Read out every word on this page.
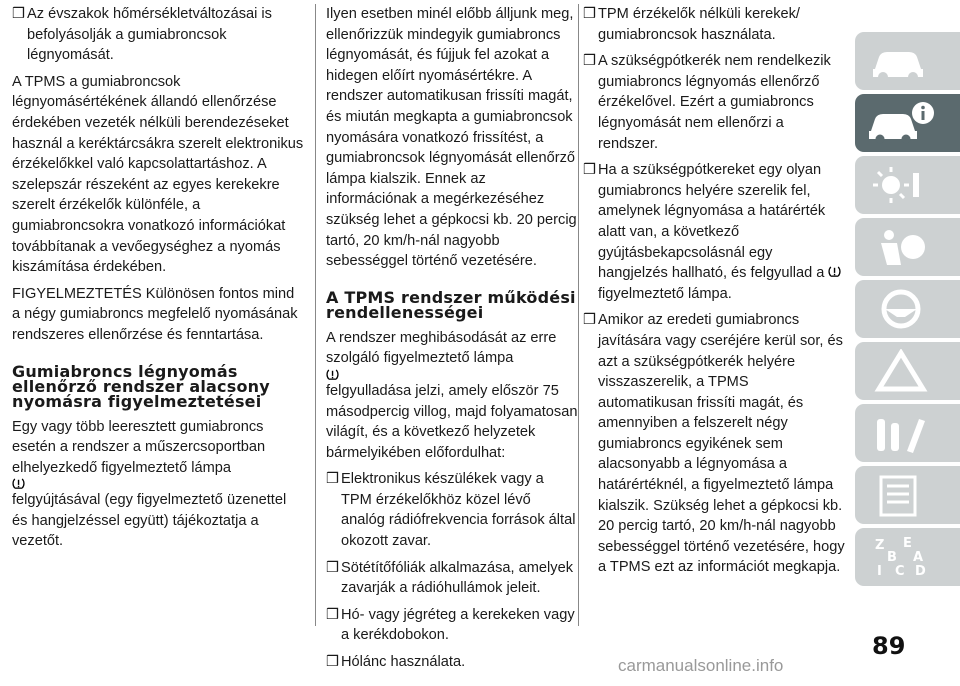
❒ Az évszakok hőmérsékletváltozásai is befolyásolják a gumiabroncsok légnyomását.

A TPMS a gumiabroncsok légnyomásértékének állandó ellenőrzése érdekében vezeték nélküli berendezéseket használ a keréktárcsákra szerelt elektronikus érzékelőkkel való kapcsolattartáshoz. A szelepszár részeként az egyes kerekekre szerelt érzékelők különféle, a gumiabroncsokra vonatkozó információkat továbbítanak a vevőegységhez a nyomás kiszámítása érdekében.

FIGYELMEZTETÉS Különösen fontos mind a négy gumiabroncs megfelelő nyomásának rendszeres ellenőrzése és fenntartása.

Gumiabroncs légnyomás ellenőrző rendszer alacsony nyomásra figyelmeztetései

Egy vagy több leeresztett gumiabroncs esetén a rendszer a műszercsoportban elhelyezkedő figyelmeztető lámpa
felgyújtásával (egy figyelmeztető üzenettel és hangjelzéssel együtt) tájékoztatja a vezetőt.

Ilyen esetben minél előbb álljunk meg, ellenőrizzük mindegyik gumiabroncs légnyomását, és fújjuk fel azokat a hidegen előírt nyomásértékre. A rendszer automatikusan frissíti magát, és miután megkapta a gumiabroncsok nyomására vonatkozó frissítést, a gumiabroncsok légnyomását ellenőrző lámpa kialszik. Ennek az információnak a megérkezéséhez szükség lehet a gépkocsi kb. 20 percig tartó, 20 km/h-nál nagyobb sebességgel történő vezetésére.

A TPMS rendszer működési rendellenességei

A rendszer meghibásodását az erre szolgáló figyelmeztető lámpa
felgyulladása jelzi, amely először 75 másodpercig villog, majd folyamatosan világít, és a következő helyzetek bármelyikében előfordulhat:

❒ Elektronikus készülékek vagy a TPM érzékelőkhöz közel lévő analóg rádiófrekvencia források által okozott zavar.
❒ Sötétítőfóliák alkalmazása, amelyek zavarják a rádióhullámok jeleit.
❒ Hó- vagy jégréteg a kerekeken vagy a kerékdobokon.
❒ Hólánc használata.
❒ TPM érzékelők nélküli kerekek/ gumiabroncsok használata.
❒ A szükségpótkerék nem rendelkezik gumiabroncs légnyomás ellenőrző érzékelővel. Ezért a gumiabroncs légnyomását nem ellenőrzi a rendszer.
❒ Ha a szükségpótkereket egy olyan gumiabroncs helyére szerelik fel, amelynek légnyomása a határérték alatt van, a következő gyújtásbekapcsolásnál egy hangjelzés hallható, és felgyullad a  figyelmeztető lámpa.
❒ Amikor az eredeti gumiabroncs javítására vagy cseréjére kerül sor, és azt a szükségpótkerék helyére visszaszerelik, a TPMS automatikusan frissíti magát, és amennyiben a felszerelt négy gumiabroncs egyikének sem alacsonyabb a légnyomása a határértéknél, a figyelmeztető lámpa kialszik. Szükség lehet a gépkocsi kb. 20 percig tartó, 20 km/h-nál nagyobb sebességgel történő vezetésére, hogy a TPMS ezt az információt megkapja.
Z E
B A
I C D
89
carmanualsonline.info
